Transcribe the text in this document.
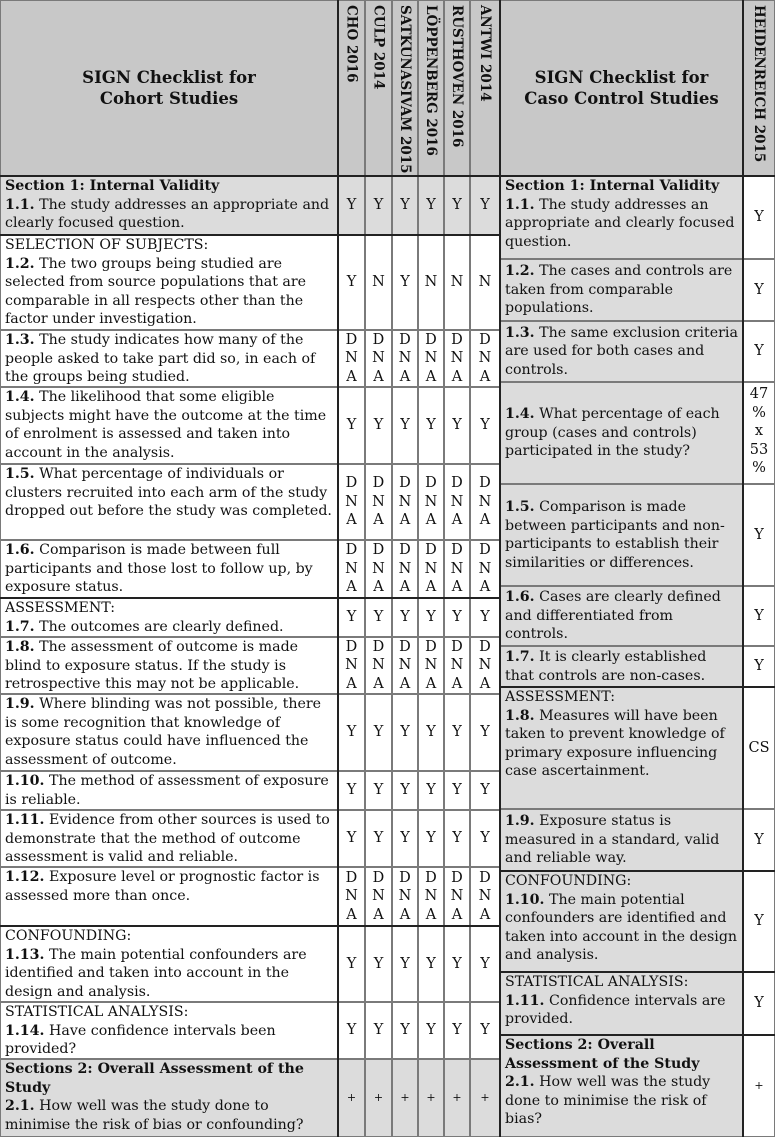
SIGN Checklist for
Cohort Studies
SIGN Checklist for
Caso Control Studies HEIDENREICH 2015
CHO 2016 CULP 2014 SATKUNASIVAM 2015 LÖPPENBERG 2016 RUSTHOVEN 2016 ANTWI 2014
Section 1: Internal Validity
1.1. The study addresses an appropriate and clearly focused question.
Y Y Y Y Y Y
SELECTION OF SUBJECTS:
1.2. The two groups being studied are selected from source populations that are comparable in all respects other than the factor under investigation.
Y N Y N N N
1.3. The study indicates how many of the people asked to take part did so, in each of the groups being studied.
D
N
A
D
N
A
D
N
A
D
N
A
D
N
A
D
N
A
1.4. The likelihood that some eligible subjects might have the outcome at the time of enrolment is assessed and taken into account in the analysis.
Y Y Y Y Y Y
1.5. What percentage of individuals or clusters recruited into each arm of the study dropped out before the study was completed.
D
N
A
D
N
A
D
N
A
D
N
A
D
N
A
D
N
A
1.6. Comparison is made between full participants and those lost to follow up, by exposure status.
D
N
A
D
N
A
D
N
A
D
N
A
D
N
A
D
N
A
ASSESSMENT:
1.7. The outcomes are clearly defined.
Y Y Y Y Y Y
1.8. The assessment of outcome is made blind to exposure status. If the study is retrospective this may not be applicable.
D
N
A
D
N
A
D
N
A
D
N
A
D
N
A
D
N
A
1.9. Where blinding was not possible, there is some recognition that knowledge of exposure status could have influenced the assessment of outcome.
Y Y Y Y Y Y
1.10. The method of assessment of exposure is reliable.
Y Y Y Y Y Y
1.11. Evidence from other sources is used to demonstrate that the method of outcome assessment is valid and reliable.
Y Y Y Y Y Y
1.12. Exposure level or prognostic factor is assessed more than once.
D
N
A
D
N
A
D
N
A
D
N
A
D
N
A
D
N
A
CONFOUNDING:
1.13. The main potential confounders are identified and taken into account in the design and analysis.
Y Y Y Y Y Y
STATISTICAL ANALYSIS:
1.14. Have confidence intervals been provided?
Y Y Y Y Y Y
Sections 2: Overall Assessment of the Study
2.1. How well was the study done to minimise the risk of bias or confounding?
+ + + + + +
Section 1: Internal Validity
1.1. The study addresses an appropriate and clearly focused question.
Y
1.2. The cases and controls are taken from comparable populations.
Y
1.3. The same exclusion criteria are used for both cases and controls.
Y
1.4. What percentage of each group (cases and controls) participated in the study?
47
%
x
53
%
1.5. Comparison is made between participants and non-participants to establish their similarities or differences.
Y
1.6. Cases are clearly defined and differentiated from controls.
Y
1.7. It is clearly established that controls are non-cases.
Y
ASSESSMENT:
1.8. Measures will have been taken to prevent knowledge of primary exposure influencing case ascertainment.
CS
1.9. Exposure status is measured in a standard, valid and reliable way.
Y
CONFOUNDING:
1.10. The main potential confounders are identified and taken into account in the design and analysis.
Y
STATISTICAL ANALYSIS:
1.11. Confidence intervals are provided.
Y
Sections 2: Overall Assessment of the Study
2.1. How well was the study done to minimise the risk of bias?
+
